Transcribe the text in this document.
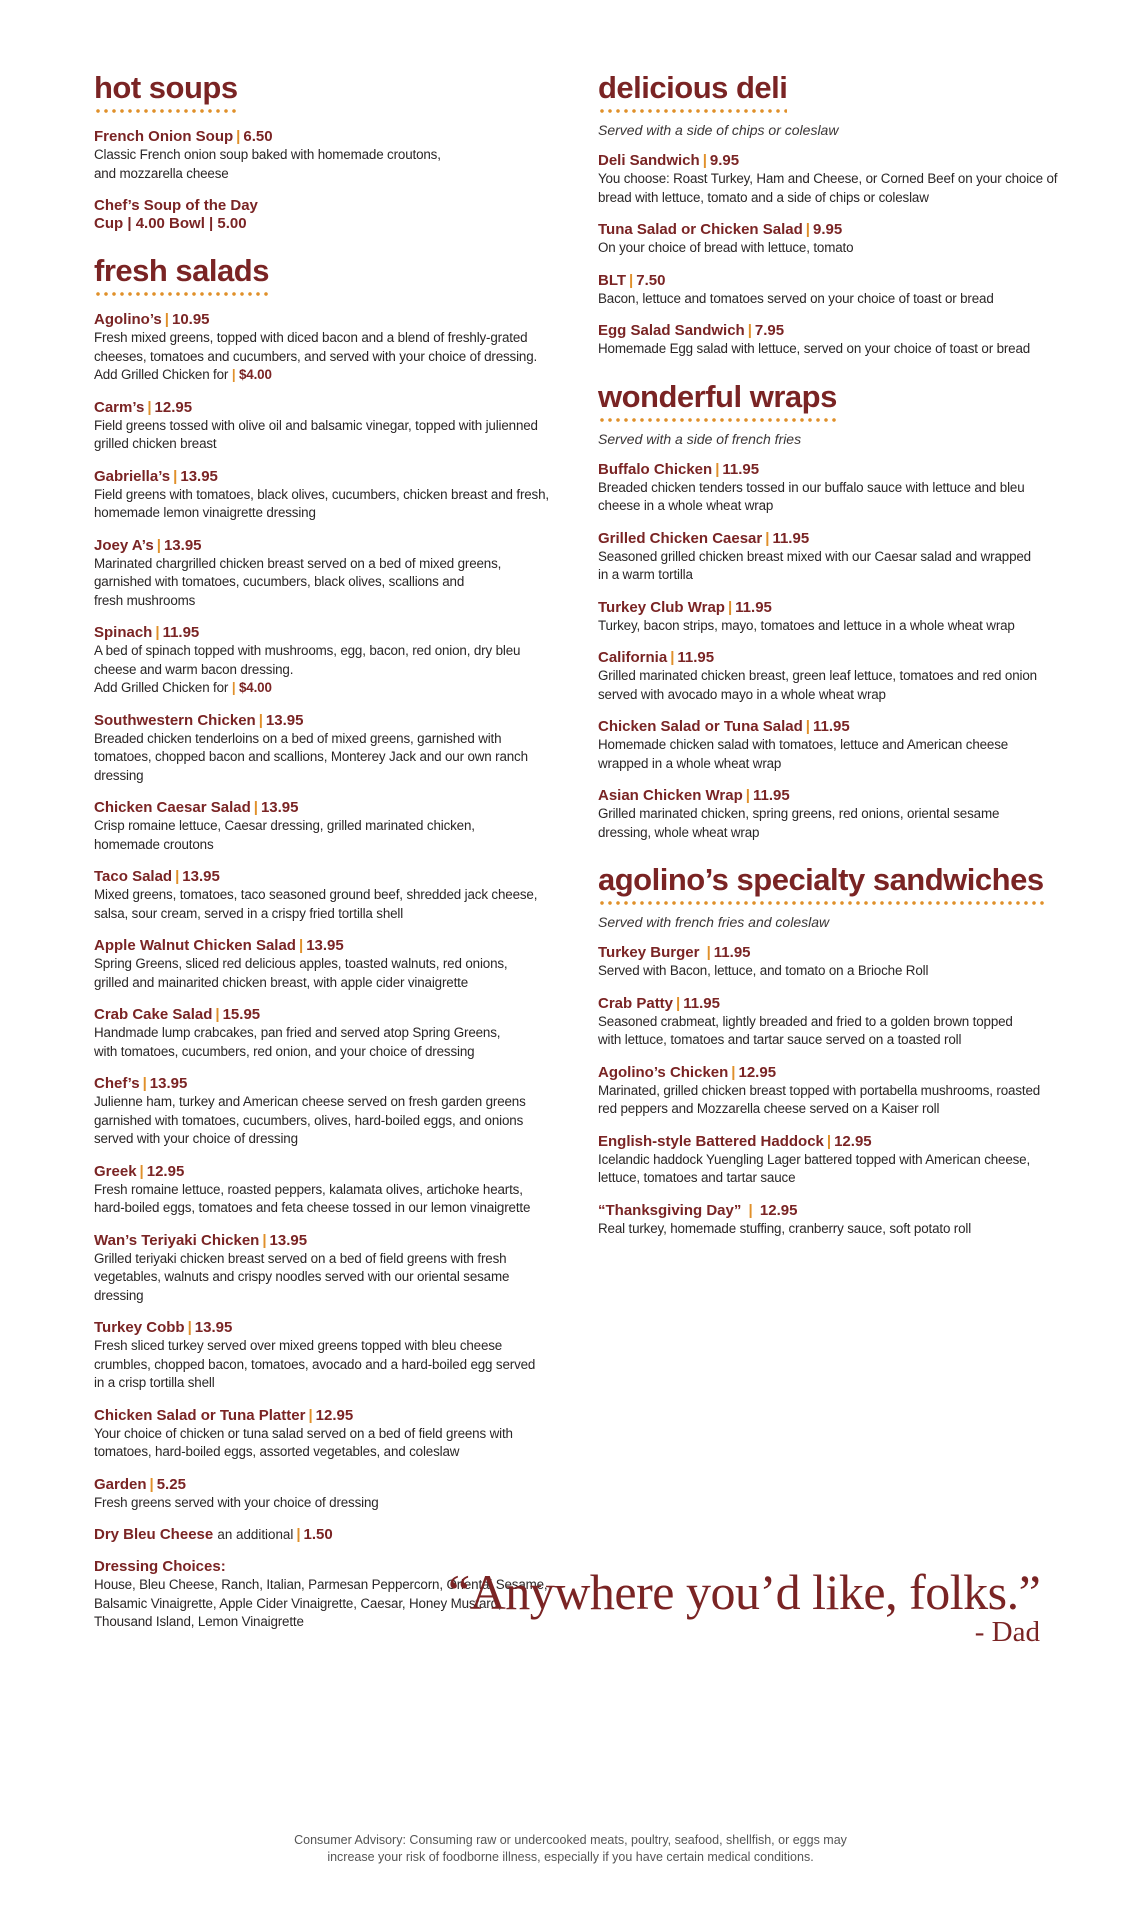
hot soups
French Onion Soup | 6.50
Classic French onion soup baked with homemade croutons,
and mozzarella cheese
Chef’s Soup of the Day
Cup | 4.00 Bowl | 5.00
fresh salads
Agolino’s | 10.95
Fresh mixed greens, topped with diced bacon and a blend of freshly-grated
cheeses, tomatoes and cucumbers, and served with your choice of dressing.
Add Grilled Chicken for | $4.00
Carm’s | 12.95
Field greens tossed with olive oil and balsamic vinegar, topped with julienned
grilled chicken breast
Gabriella’s | 13.95
Field greens with tomatoes, black olives, cucumbers, chicken breast and fresh,
homemade lemon vinaigrette dressing
Joey A’s | 13.95
Marinated chargrilled chicken breast served on a bed of mixed greens,
garnished with tomatoes, cucumbers, black olives, scallions and
fresh mushrooms
Spinach | 11.95
A bed of spinach topped with mushrooms, egg, bacon, red onion, dry bleu
cheese and warm bacon dressing.
Add Grilled Chicken for | $4.00
Southwestern Chicken | 13.95
Breaded chicken tenderloins on a bed of mixed greens, garnished with
tomatoes, chopped bacon and scallions, Monterey Jack and our own ranch
dressing
Chicken Caesar Salad | 13.95
Crisp romaine lettuce, Caesar dressing, grilled marinated chicken,
homemade croutons
Taco Salad | 13.95
Mixed greens, tomatoes, taco seasoned ground beef, shredded jack cheese,
salsa, sour cream, served in a crispy fried tortilla shell
Apple Walnut Chicken Salad | 13.95
Spring Greens, sliced red delicious apples, toasted walnuts, red onions,
grilled and mainarited chicken breast, with apple cider vinaigrette
Crab Cake Salad | 15.95
Handmade lump crabcakes, pan fried and served atop Spring Greens,
with tomatoes, cucumbers, red onion, and your choice of dressing
Chef’s | 13.95
Julienne ham, turkey and American cheese served on fresh garden greens
garnished with tomatoes, cucumbers, olives, hard-boiled eggs, and onions
served with your choice of dressing
Greek | 12.95
Fresh romaine lettuce, roasted peppers, kalamata olives, artichoke hearts,
hard-boiled eggs, tomatoes and feta cheese tossed in our lemon vinaigrette
Wan’s Teriyaki Chicken | 13.95
Grilled teriyaki chicken breast served on a bed of field greens with fresh
vegetables, walnuts and crispy noodles served with our oriental sesame
dressing
Turkey Cobb | 13.95
Fresh sliced turkey served over mixed greens topped with bleu cheese
crumbles, chopped bacon, tomatoes, avocado and a hard-boiled egg served
in a crisp tortilla shell
Chicken Salad or Tuna Platter | 12.95
Your choice of chicken or tuna salad served on a bed of field greens with
tomatoes, hard-boiled eggs, assorted vegetables, and coleslaw
Garden | 5.25
Fresh greens served with your choice of dressing
Dry Bleu Cheese an additional | 1.50
Dressing Choices:
House, Bleu Cheese, Ranch, Italian, Parmesan Peppercorn, Oriental Sesame,
Balsamic Vinaigrette, Apple Cider Vinaigrette, Caesar, Honey Mustard,
Thousand Island, Lemon Vinaigrette
delicious deli
Served with a side of chips or coleslaw
Deli Sandwich | 9.95
You choose: Roast Turkey, Ham and Cheese, or Corned Beef on your choice of
bread with lettuce, tomato and a side of chips or coleslaw
Tuna Salad or Chicken Salad | 9.95
On your choice of bread with lettuce, tomato
BLT | 7.50
Bacon, lettuce and tomatoes served on your choice of toast or bread
Egg Salad Sandwich | 7.95
Homemade Egg salad with lettuce, served on your choice of toast or bread
wonderful wraps
Served with a side of french fries
Buffalo Chicken | 11.95
Breaded chicken tenders tossed in our buffalo sauce with lettuce and bleu
cheese in a whole wheat wrap
Grilled Chicken Caesar | 11.95
Seasoned grilled chicken breast mixed with our Caesar salad and wrapped
in a warm tortilla
Turkey Club Wrap | 11.95
Turkey, bacon strips, mayo, tomatoes and lettuce in a whole wheat wrap
California | 11.95
Grilled marinated chicken breast, green leaf lettuce, tomatoes and red onion
served with avocado mayo in a whole wheat wrap
Chicken Salad or Tuna Salad | 11.95
Homemade chicken salad with tomatoes, lettuce and American cheese
wrapped in a whole wheat wrap
Asian Chicken Wrap | 11.95
Grilled marinated chicken, spring greens, red onions, oriental sesame
dressing, whole wheat wrap
agolino’s specialty sandwiches
Served with french fries and coleslaw
Turkey Burger | 11.95
Served with Bacon, lettuce, and tomato on a Brioche Roll
Crab Patty | 11.95
Seasoned crabmeat, lightly breaded and fried to a golden brown topped
with lettuce, tomatoes and tartar sauce served on a toasted roll
Agolino’s Chicken | 12.95
Marinated, grilled chicken breast topped with portabella mushrooms, roasted
red peppers and Mozzarella cheese served on a Kaiser roll
English-style Battered Haddock | 12.95
Icelandic haddock Yuengling Lager battered topped with American cheese,
lettuce, tomatoes and tartar sauce
“Thanksgiving Day” | 12.95
Real turkey, homemade stuffing, cranberry sauce, soft potato roll
“Anywhere you’d like, folks.”
- Dad
Consumer Advisory: Consuming raw or undercooked meats, poultry, seafood, shellfish, or eggs may
increase your risk of foodborne illness, especially if you have certain medical conditions.
